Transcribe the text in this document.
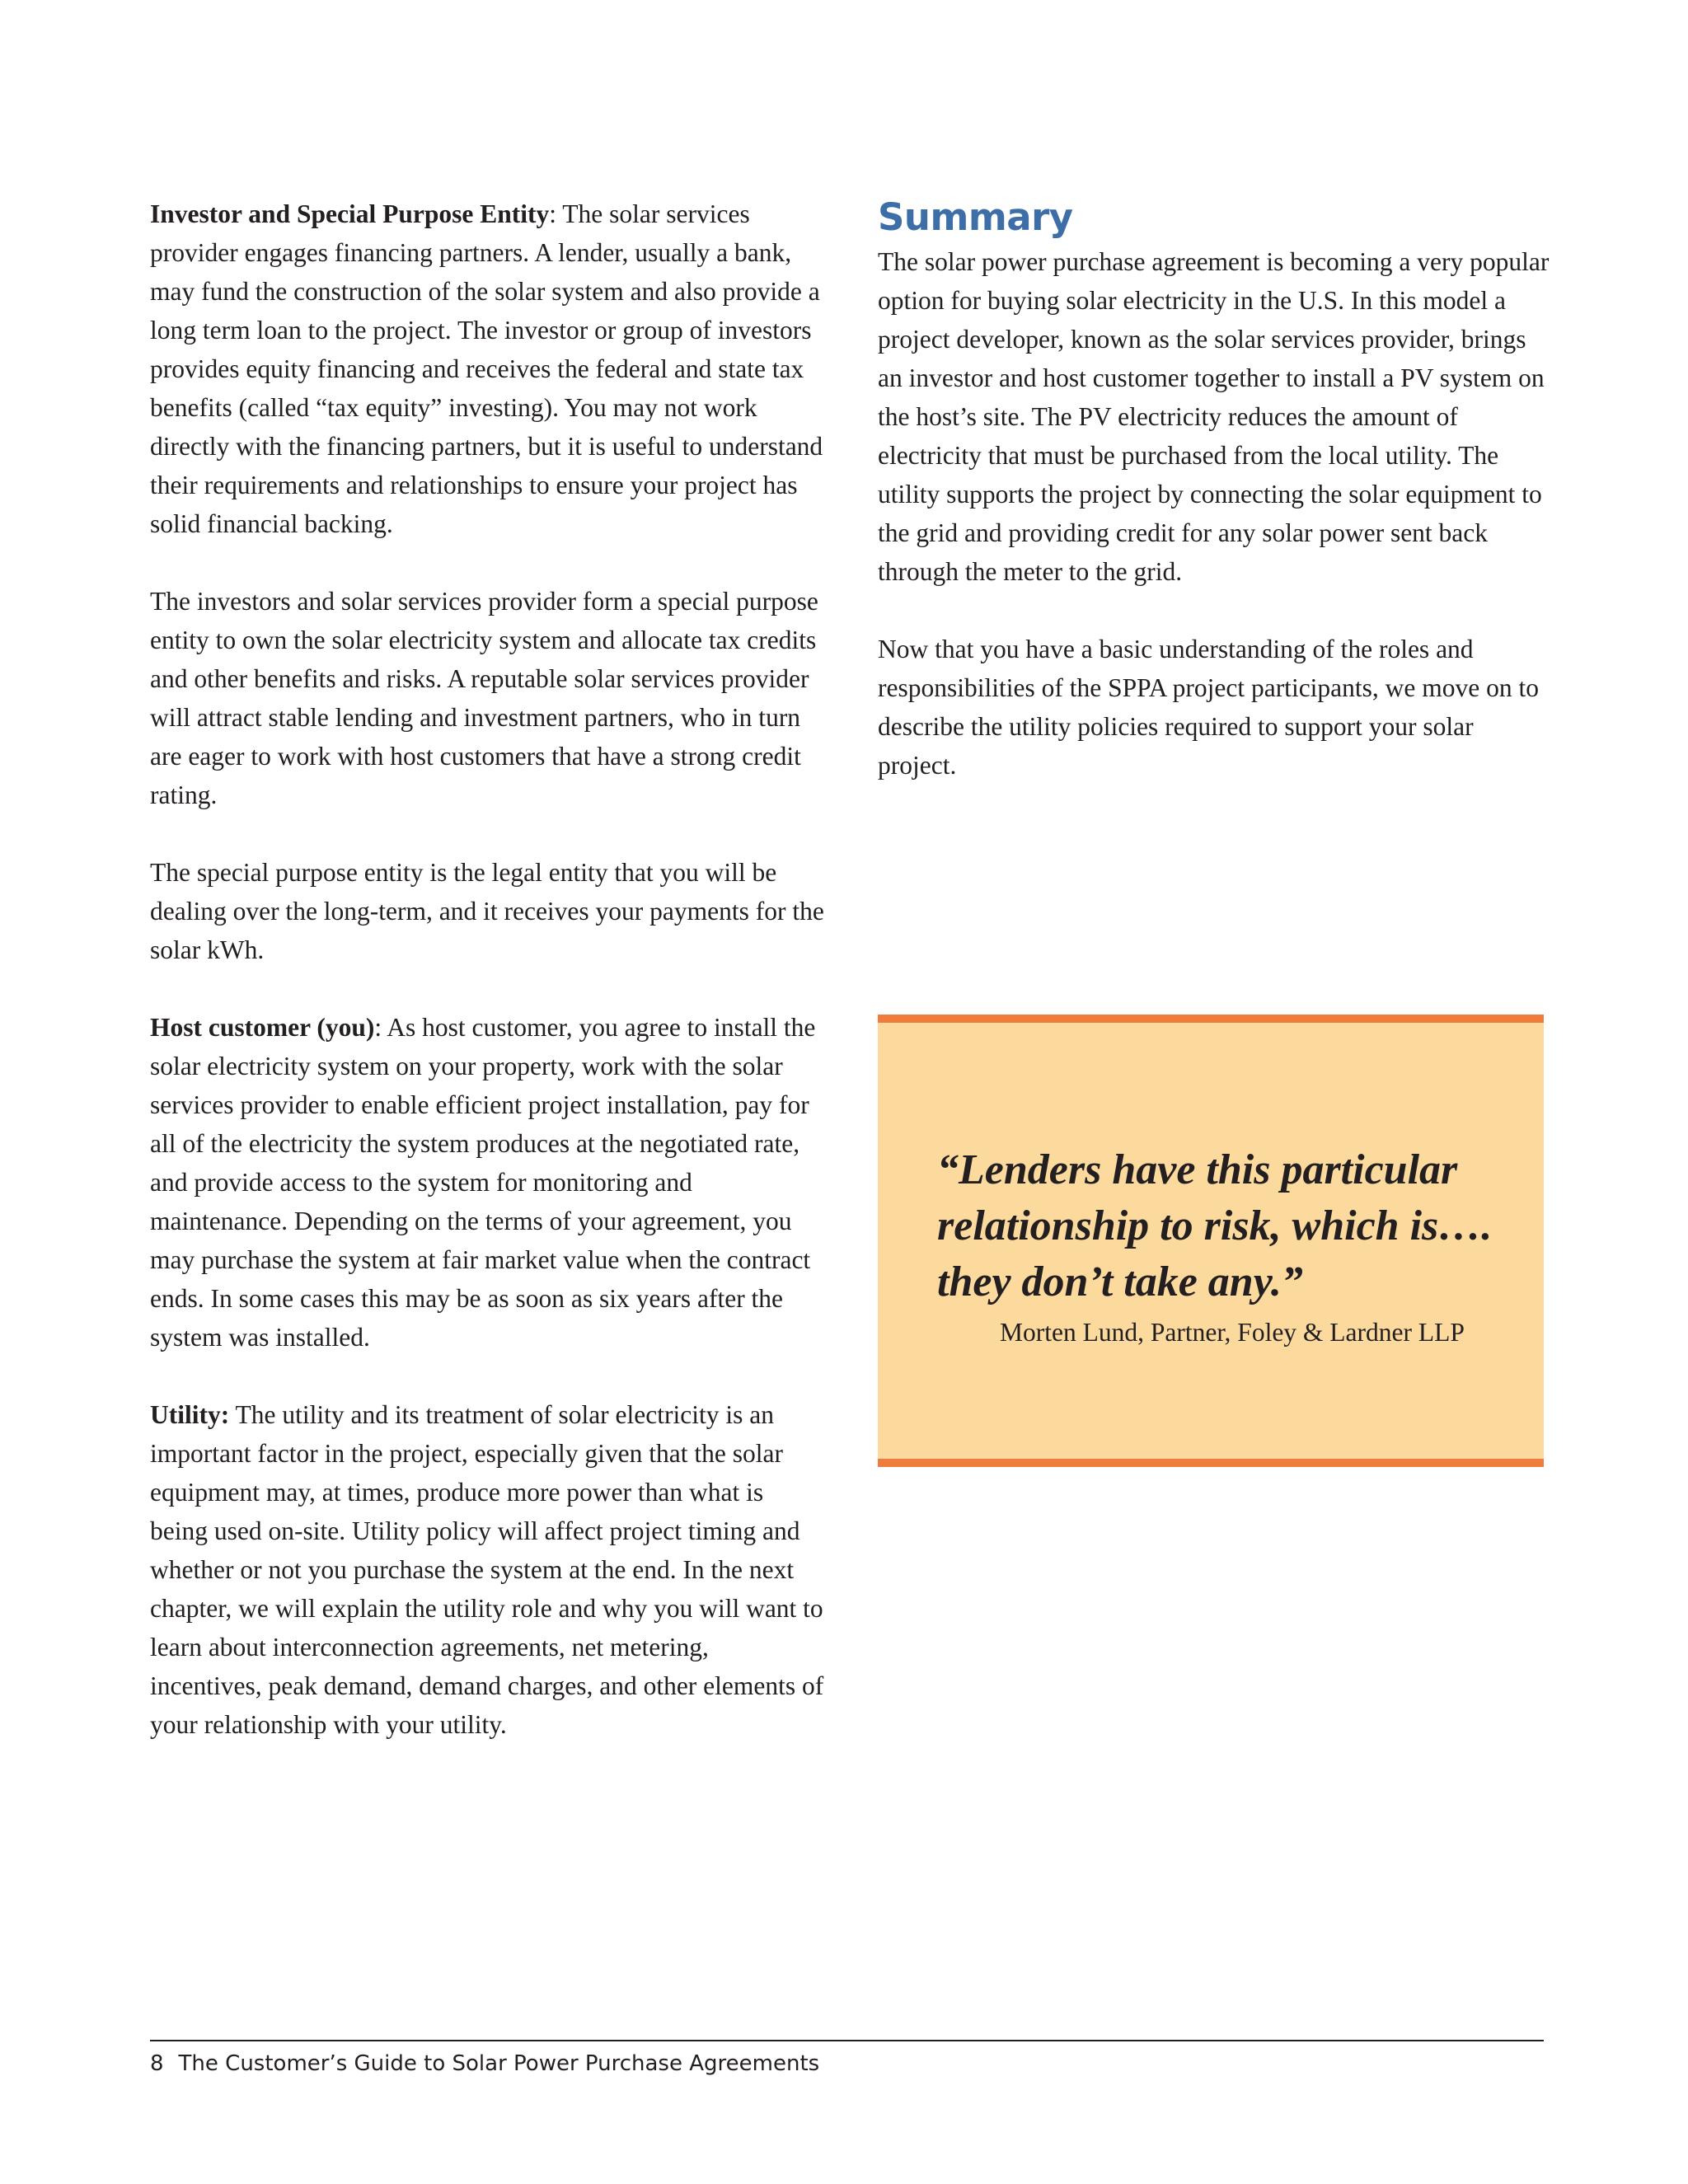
Investor and Special Purpose Entity: The solar services provider engages financing partners. A lender, usually a bank, may fund the construction of the solar system and also provide a long term loan to the project. The investor or group of investors provides equity financing and receives the federal and state tax benefits (called “tax equity” investing). You may not work directly with the financing partners, but it is useful to understand their requirements and relationships to ensure your project has solid financial backing.

The investors and solar services provider form a special purpose entity to own the solar electricity system and allocate tax credits and other benefits and risks. A reputable solar services provider will attract stable lending and investment partners, who in turn are eager to work with host customers that have a strong credit rating.

The special purpose entity is the legal entity that you will be dealing over the long-term, and it receives your payments for the solar kWh.

Host customer (you): As host customer, you agree to install the solar electricity system on your property, work with the solar services provider to enable efficient project installation, pay for all of the electricity the system produces at the negotiated rate, and provide access to the system for monitoring and maintenance. Depending on the terms of your agreement, you may purchase the system at fair market value when the contract ends. In some cases this may be as soon as six years after the system was installed.

Utility: The utility and its treatment of solar electricity is an important factor in the project, especially given that the solar equipment may, at times, produce more power than what is being used on-site. Utility policy will affect project timing and whether or not you purchase the system at the end. In the next chapter, we will explain the utility role and why you will want to learn about interconnection agreements, net metering, incentives, peak demand, demand charges, and other elements of your relationship with your utility.

Summary

The solar power purchase agreement is becoming a very popular option for buying solar electricity in the U.S. In this model a project developer, known as the solar services provider, brings an investor and host customer together to install a PV system on the host’s site. The PV electricity reduces the amount of electricity that must be purchased from the local utility. The utility supports the project by connecting the solar equipment to the grid and providing credit for any solar power sent back through the meter to the grid.

Now that you have a basic understanding of the roles and responsibilities of the SPPA project participants, we move on to describe the utility policies required to support your solar project.

“Lenders have this particular relationship to risk, which is…. they don’t take any.”

Morten Lund, Partner, Foley & Lardner LLP

8 The Customer’s Guide to Solar Power Purchase Agreements
